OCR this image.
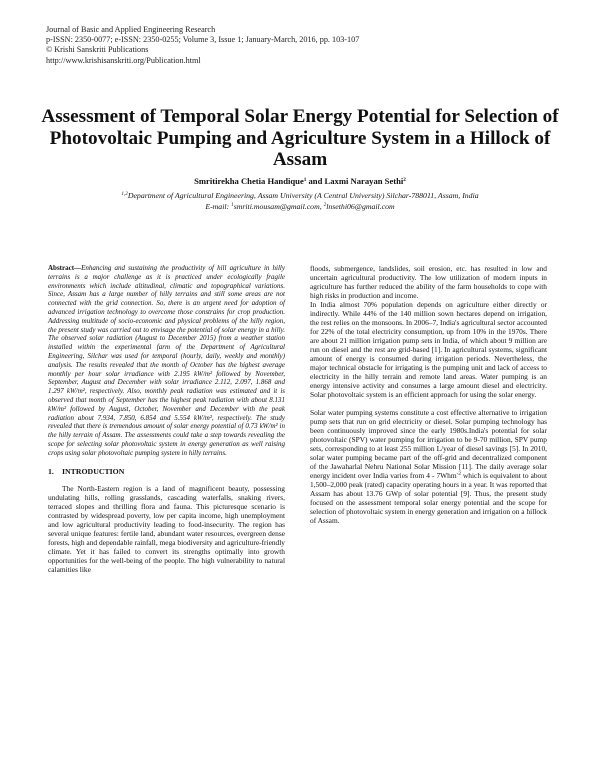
Journal of Basic and Applied Engineering Research
p-ISSN: 2350-0077; e-ISSN: 2350-0255; Volume 3, Issue 1; January-March, 2016, pp. 103-107
© Krishi Sanskriti Publications
http://www.krishisanskriti.org/Publication.html
Assessment of Temporal Solar Energy Potential for Selection of Photovoltaic Pumping and Agriculture System in a Hillock of Assam
Smritirekha Chetia Handique$^1$ and Laxmi Narayan Sethi$^2$
$^{1,2}$Department of Agricultural Engineering, Assam University (A Central University) Silchar-788011, Assam, India
E-mail: $^1$smriti.mousam@gmail.com, $^2$lnsethi06@gmail.com
Abstract—Enhancing and sustaining the productivity of hill agriculture in hilly terrains is a major challenge as it is practiced under ecologically fragile environments which include altitudinal, climatic and topographical variations. Since, Assam has a large number of hilly terrains and still some areas are not connected with the grid connection. So, there is an urgent need for adoption of advanced irrigation technology to overcome those constrains for crop production. Addressing multitude of socio-economic and physical problems of the hilly region, the present study was carried out to envisage the potential of solar energy in a hilly. The observed solar radiation (August to December 2015) from a weather station installed within the experimental farm of the Department of Agricultural Engineering, Silchar was used for temporal (hourly, daily, weekly and monthly) analysis. The results revealed that the month of October has the highest average monthly per hour solar irradiance with 2.195 kW/m² followed by November, September, August and December with solar irradiance 2.112, 2.097, 1.868 and 1.297 kW/m², respectively. Also, monthly peak radiation was estimated and it is observed that month of September has the highest peak radiation with about 8.131 kW/m² followed by August, October, November and December with the peak radiation about 7.934, 7.850, 6.854 and 5.554 kW/m², respectively. The study revealed that there is tremendous amount of solar energy potential of 0.73 kW/m² in the hilly terrain of Assam. The assessments could take a step towards revealing the scope for selecting solar photovoltaic system in energy generation as well raising crops using solar photovoltaic pumping system in hilly terrains.
1. INTRODUCTION

The North-Eastern region is a land of magnificent beauty, possessing undulating hills, rolling grasslands, cascading waterfalls, snaking rivers, terraced slopes and thrilling flora and fauna. This picturesque scenario is contrasted by widespread poverty, low per capita income, high unemployment and low agricultural productivity leading to food-insecurity. The region has several unique features: fertile land, abundant water resources, evergreen dense forests, high and dependable rainfall, mega biodiversity and agriculture-friendly climate. Yet it has failed to convert its strengths optimally into growth opportunities for the well-being of the people. The high vulnerability to natural calamities like

floods, submergence, landslides, soil erosion, etc. has resulted in low and uncertain agricultural productivity. The low utilization of modern inputs in agriculture has further reduced the ability of the farm households to cope with high risks in production and income.

In India almost 70% population depends on agriculture either directly or indirectly. While 44% of the 140 million sown hectares depend on irrigation, the rest relies on the monsoons. In 2006–7, India's agricultural sector accounted for 22% of the total electricity consumption, up from 10% in the 1970s. There are about 21 million irrigation pump sets in India, of which about 9 million are run on diesel and the rest are grid-based [1]. In agricultural systems, significant amount of energy is consumed during irrigation periods. Nevertheless, the major technical obstacle for irrigating is the pumping unit and lack of access to electricity in the hilly terrain and remote land areas. Water pumping is an energy intensive activity and consumes a large amount diesel and electricity. Solar photovoltaic system is an efficient approach for using the solar energy.

Solar water pumping systems constitute a cost effective alternative to irrigation pump sets that run on grid electricity or diesel. Solar pumping technology has been continuously improved since the early 1980s.India's potential for solar photovoltaic (SPV) water pumping for irrigation to be 9-70 million, SPV pump sets, corresponding to at least 255 million L/year of diesel savings [5]. In 2010, solar water pumping became part of the off-grid and decentralized component of the Jawaharlal Nehru National Solar Mission [11]. The daily average solar energy incident over India varies from 4 - 7Whm$^{-2}$ which is equivalent to about 1,500–2,000 peak (rated) capacity operating hours in a year. It was reported that Assam has about 13.76 GWp of solar potential [9]. Thus, the present study focused on the assessment temporal solar energy potential and the scope for selection of photovoltaic system in energy generation and irrigation on a hillock of Assam.
